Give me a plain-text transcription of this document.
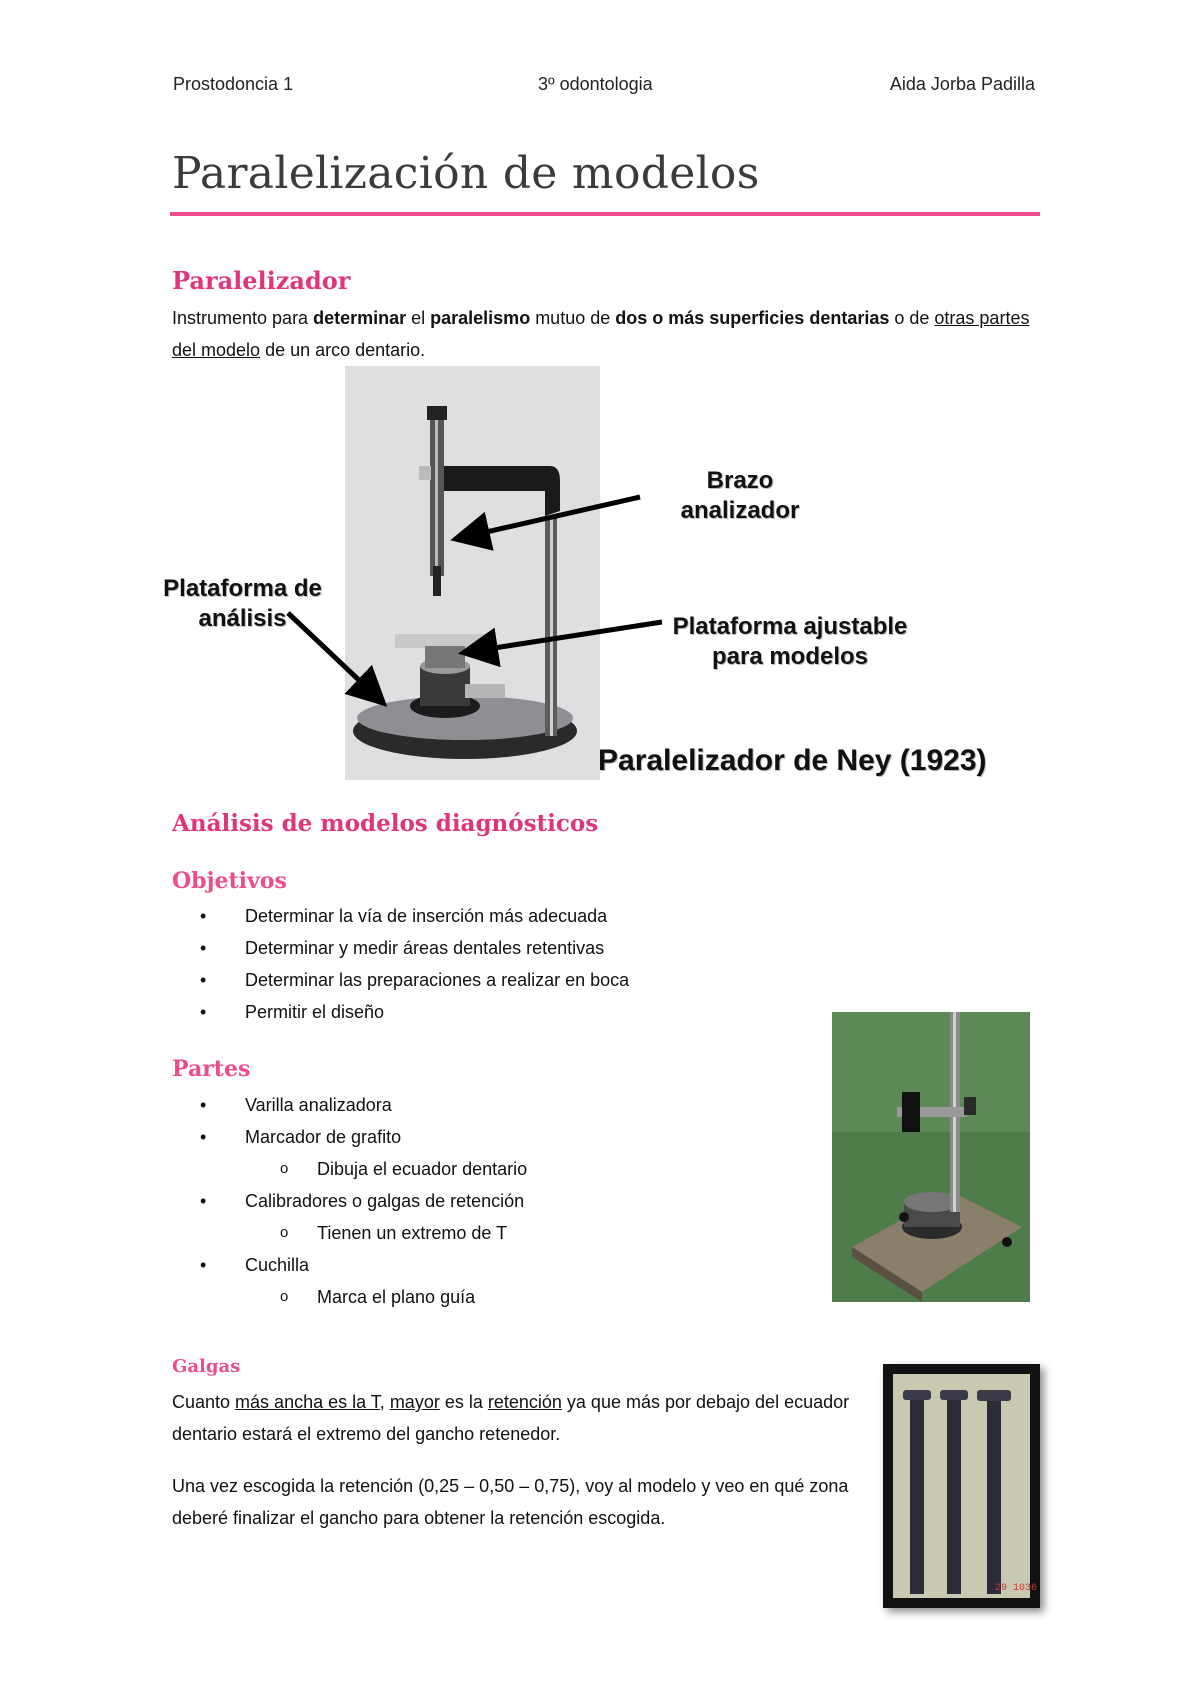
Prostodoncia 1	3º odontologia	Aida Jorba Padilla
Paralelización de modelos
Paralelizador
Instrumento para determinar el paralelismo mutuo de dos o más superficies dentarias o de otras partes del modelo de un arco dentario.
Brazo
analizador
Plataforma de
análisis	Plataforma ajustable
para modelos
Paralelizador de Ney (1923)
Análisis de modelos diagnósticos
Objetivos
• Determinar la vía de inserción más adecuada
• Determinar y medir áreas dentales retentivas
• Determinar las preparaciones a realizar en boca
• Permitir el diseño
Partes
• Varilla analizadora
• Marcador de grafito
o Dibuja el ecuador dentario
• Calibradores o galgas de retención
o Tienen un extremo de T
• Cuchilla
o Marca el plano guía
Galgas
Cuanto más ancha es la T, mayor es la retención ya que más por debajo del ecuador dentario estará el extremo del gancho retenedor.
Una vez escogida la retención (0,25 – 0,50 – 0,75), voy al modelo y veo en qué zona deberé finalizar el gancho para obtener la retención escogida.
29 1036
